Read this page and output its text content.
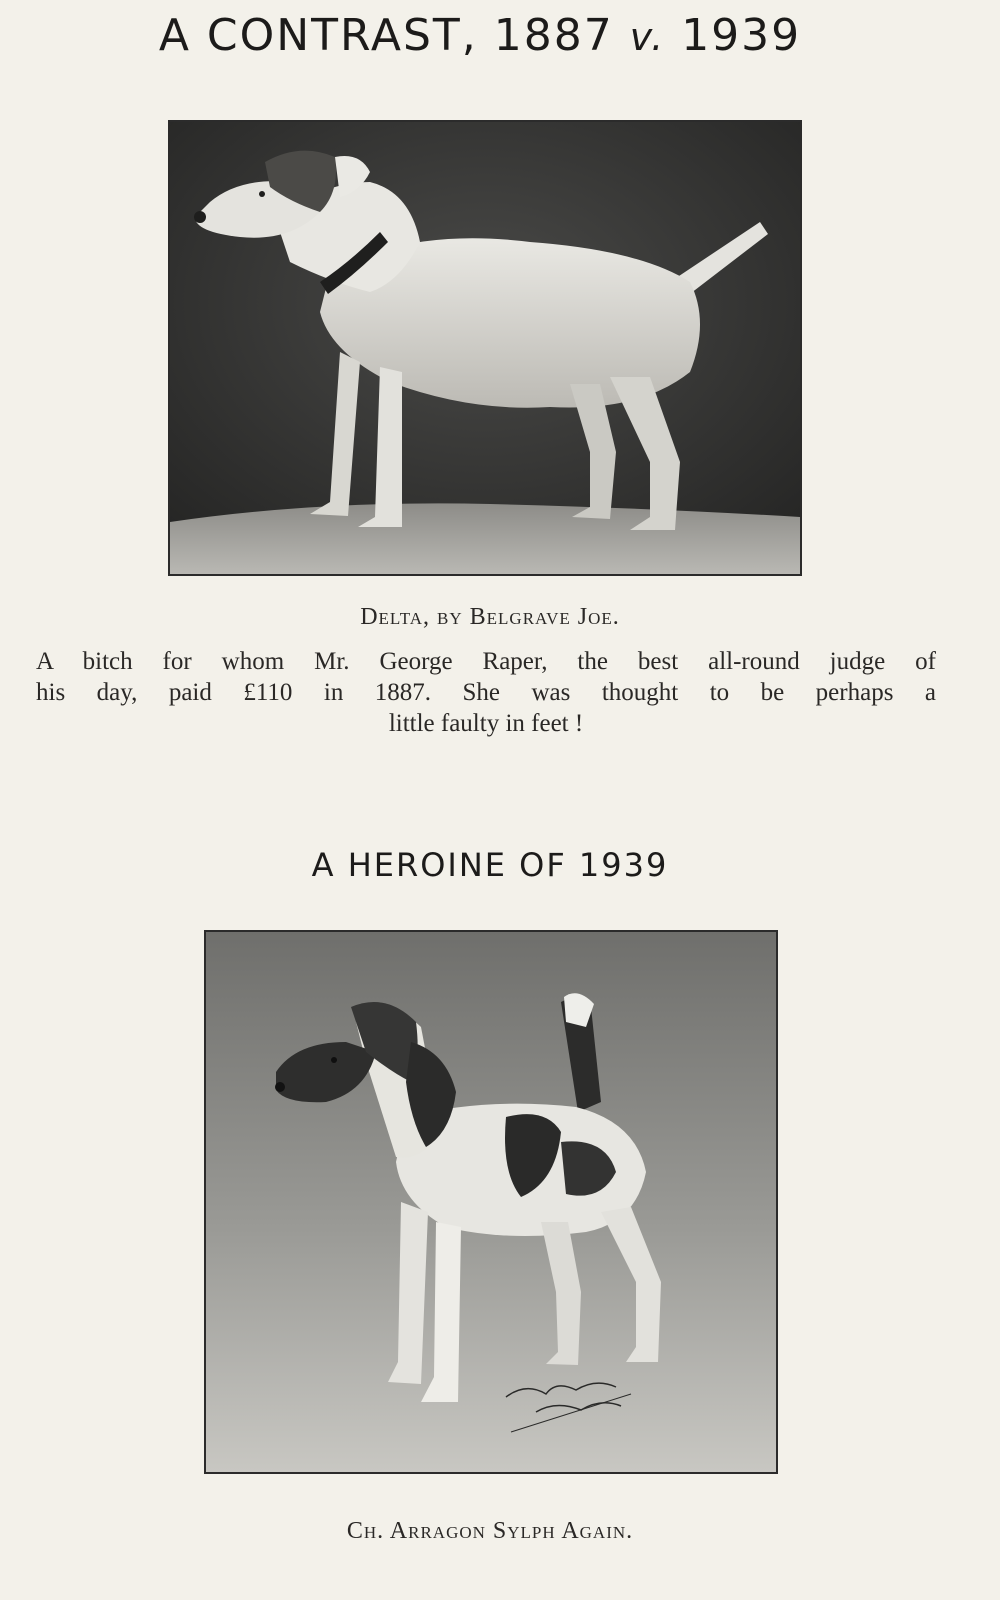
A CONTRAST, 1887 v. 1939
Delta, by Belgrave Joe.
A bitch for whom Mr. George Raper, the best all-round judge of
his day, paid £110 in 1887. She was thought to be perhaps a
little faulty in feet !
A HEROINE OF 1939
Ch. Arragon Sylph Again.
